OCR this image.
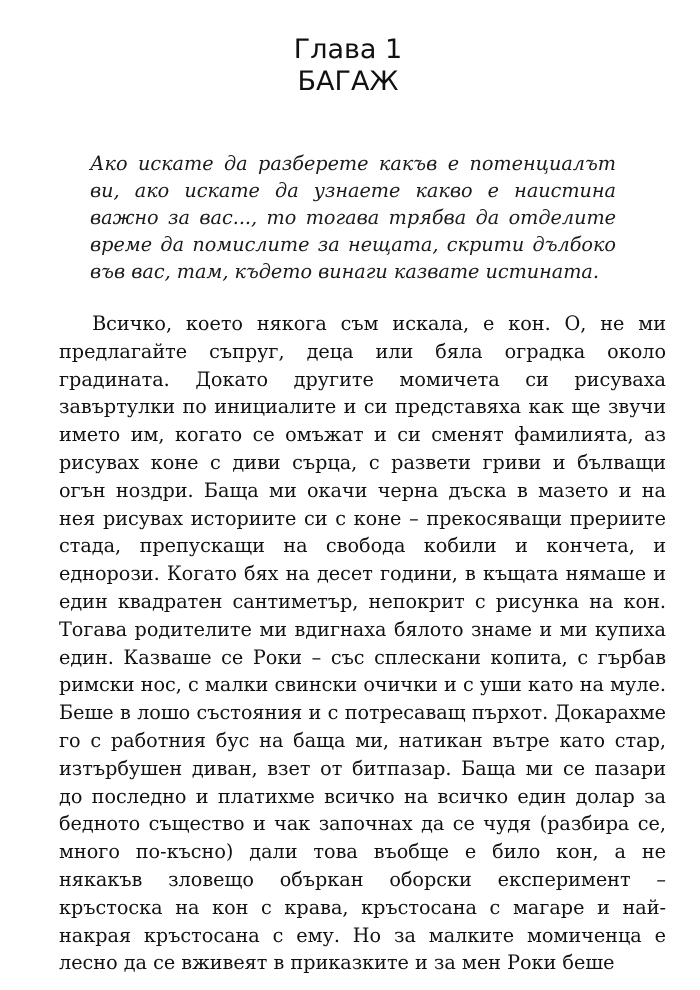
Глава 1
БАГАЖ
Ако искате да разберете какъв е потенциалът ви, ако искате да узнаете какво е наистина важно за вас..., то тогава трябва да отделите време да помислите за нещата, скрити дълбоко във вас, там, където винаги казвате истината.

  Всичко, което някога съм искала, е кон. О, не ми предлагайте съпруг, деца или бяла оградка около градината. Докато другите момичета си рисуваха завъртулки по инициалите и си представяха как ще звучи името им, когато се омъжат и си сменят фамилията, аз рисувах коне с диви сърца, с развети гриви и бълващи огън ноздри. Баща ми окачи черна дъска в мазето и на нея рисувах историите си с коне – прекосяващи прериите стада, препускащи на свобода кобили и кончета, и еднорози. Когато бях на десет години, в къщата нямаше и един квадратен сантиметър, непокрит с рисунка на кон. Тогава родителите ми вдигнаха бялото знаме и ми купиха един. Казваше се Роки – със сплескани копита, с гърбав римски нос, с малки свински очички и с уши като на муле. Беше в лошо състояния и с потресаващ пърхот. Докарахме го с работния бус на баща ми, натикан вътре като стар, изтърбушен диван, взет от битпазар. Баща ми се пазари до последно и платихме всичко на всичко един долар за бедното същество и чак започнах да се чудя (разбира се, много по-късно) дали това въобще е било кон, а не някакъв зловещо объркан оборски експеримент – кръстоска на кон с крава, кръстосана с магаре и най-накрая кръстосана с ему. Но за малките момиченца е лесно да се вживеят в приказките и за мен Роки беше
